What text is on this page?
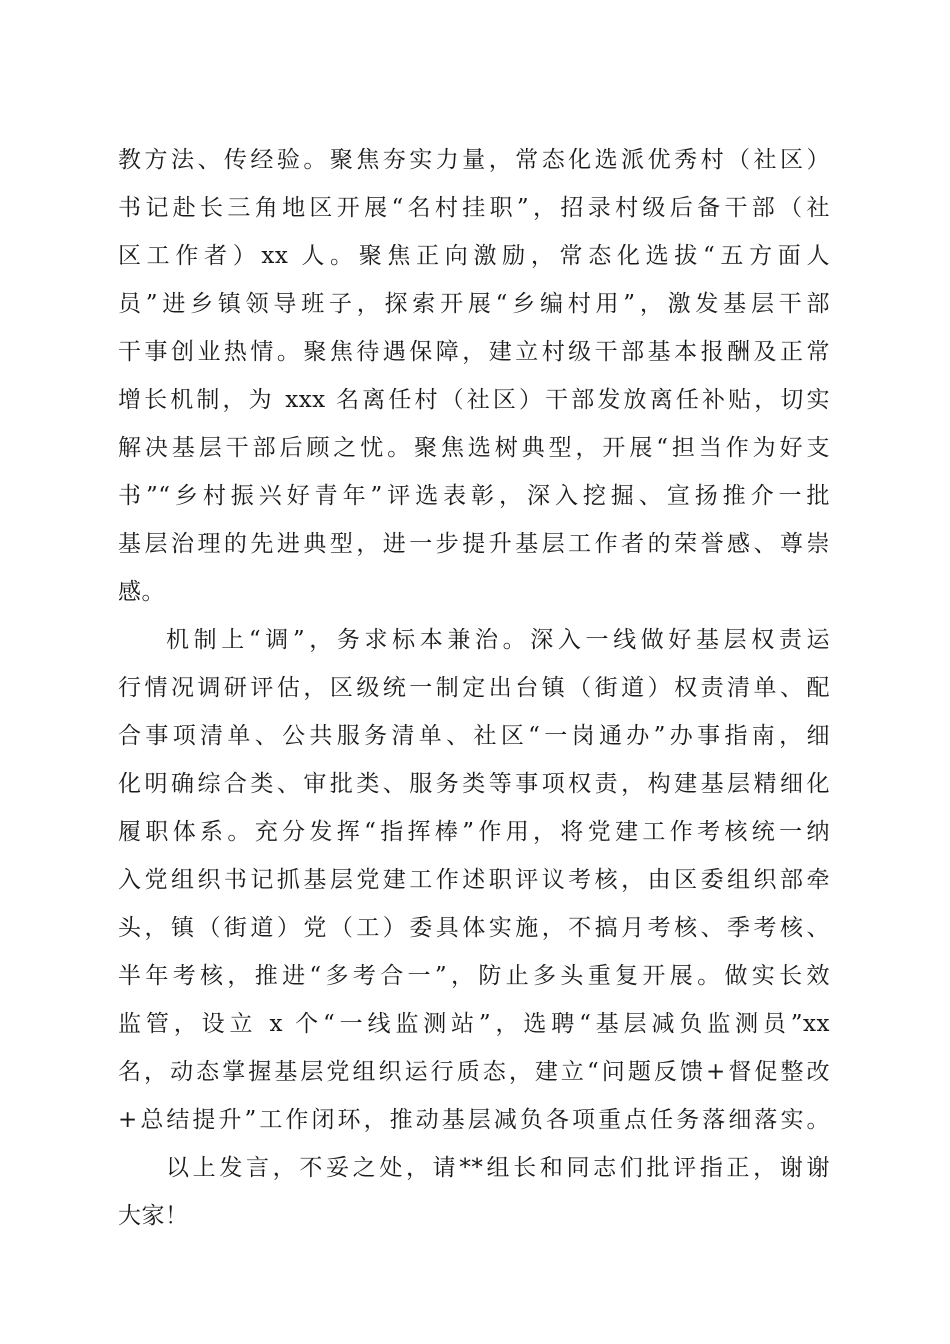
教方法、传经验。聚焦夯实力量，常态化选派优秀村（社区）
书记赴长三角地区开展“名村挂职”，招录村级后备干部（社
区工作者）xx 人。聚焦正向激励，常态化选拔“五方面人
员”进乡镇领导班子，探索开展“乡编村用”，激发基层干部
干事创业热情。聚焦待遇保障，建立村级干部基本报酬及正常
增长机制，为 xxx 名离任村（社区）干部发放离任补贴，切实
解决基层干部后顾之忧。聚焦选树典型，开展“担当作为好支
书”“乡村振兴好青年”评选表彰，深入挖掘、宣扬推介一批
基层治理的先进典型，进一步提升基层工作者的荣誉感、尊崇
感。
机制上“调”，务求标本兼治。深入一线做好基层权责运
行情况调研评估，区级统一制定出台镇（街道）权责清单、配
合事项清单、公共服务清单、社区“一岗通办”办事指南，细
化明确综合类、审批类、服务类等事项权责，构建基层精细化
履职体系。充分发挥“指挥棒”作用，将党建工作考核统一纳
入党组织书记抓基层党建工作述职评议考核，由区委组织部牵
头，镇（街道）党（工）委具体实施，不搞月考核、季考核、
半年考核，推进“多考合一”，防止多头重复开展。做实长效
监管，设立 x 个“一线监测站”，选聘“基层减负监测员”xx
名，动态掌握基层党组织运行质态，建立“问题反馈+督促整改
+总结提升”工作闭环，推动基层减负各项重点任务落细落实。
以上发言，不妥之处，请**组长和同志们批评指正，谢谢
大家！
